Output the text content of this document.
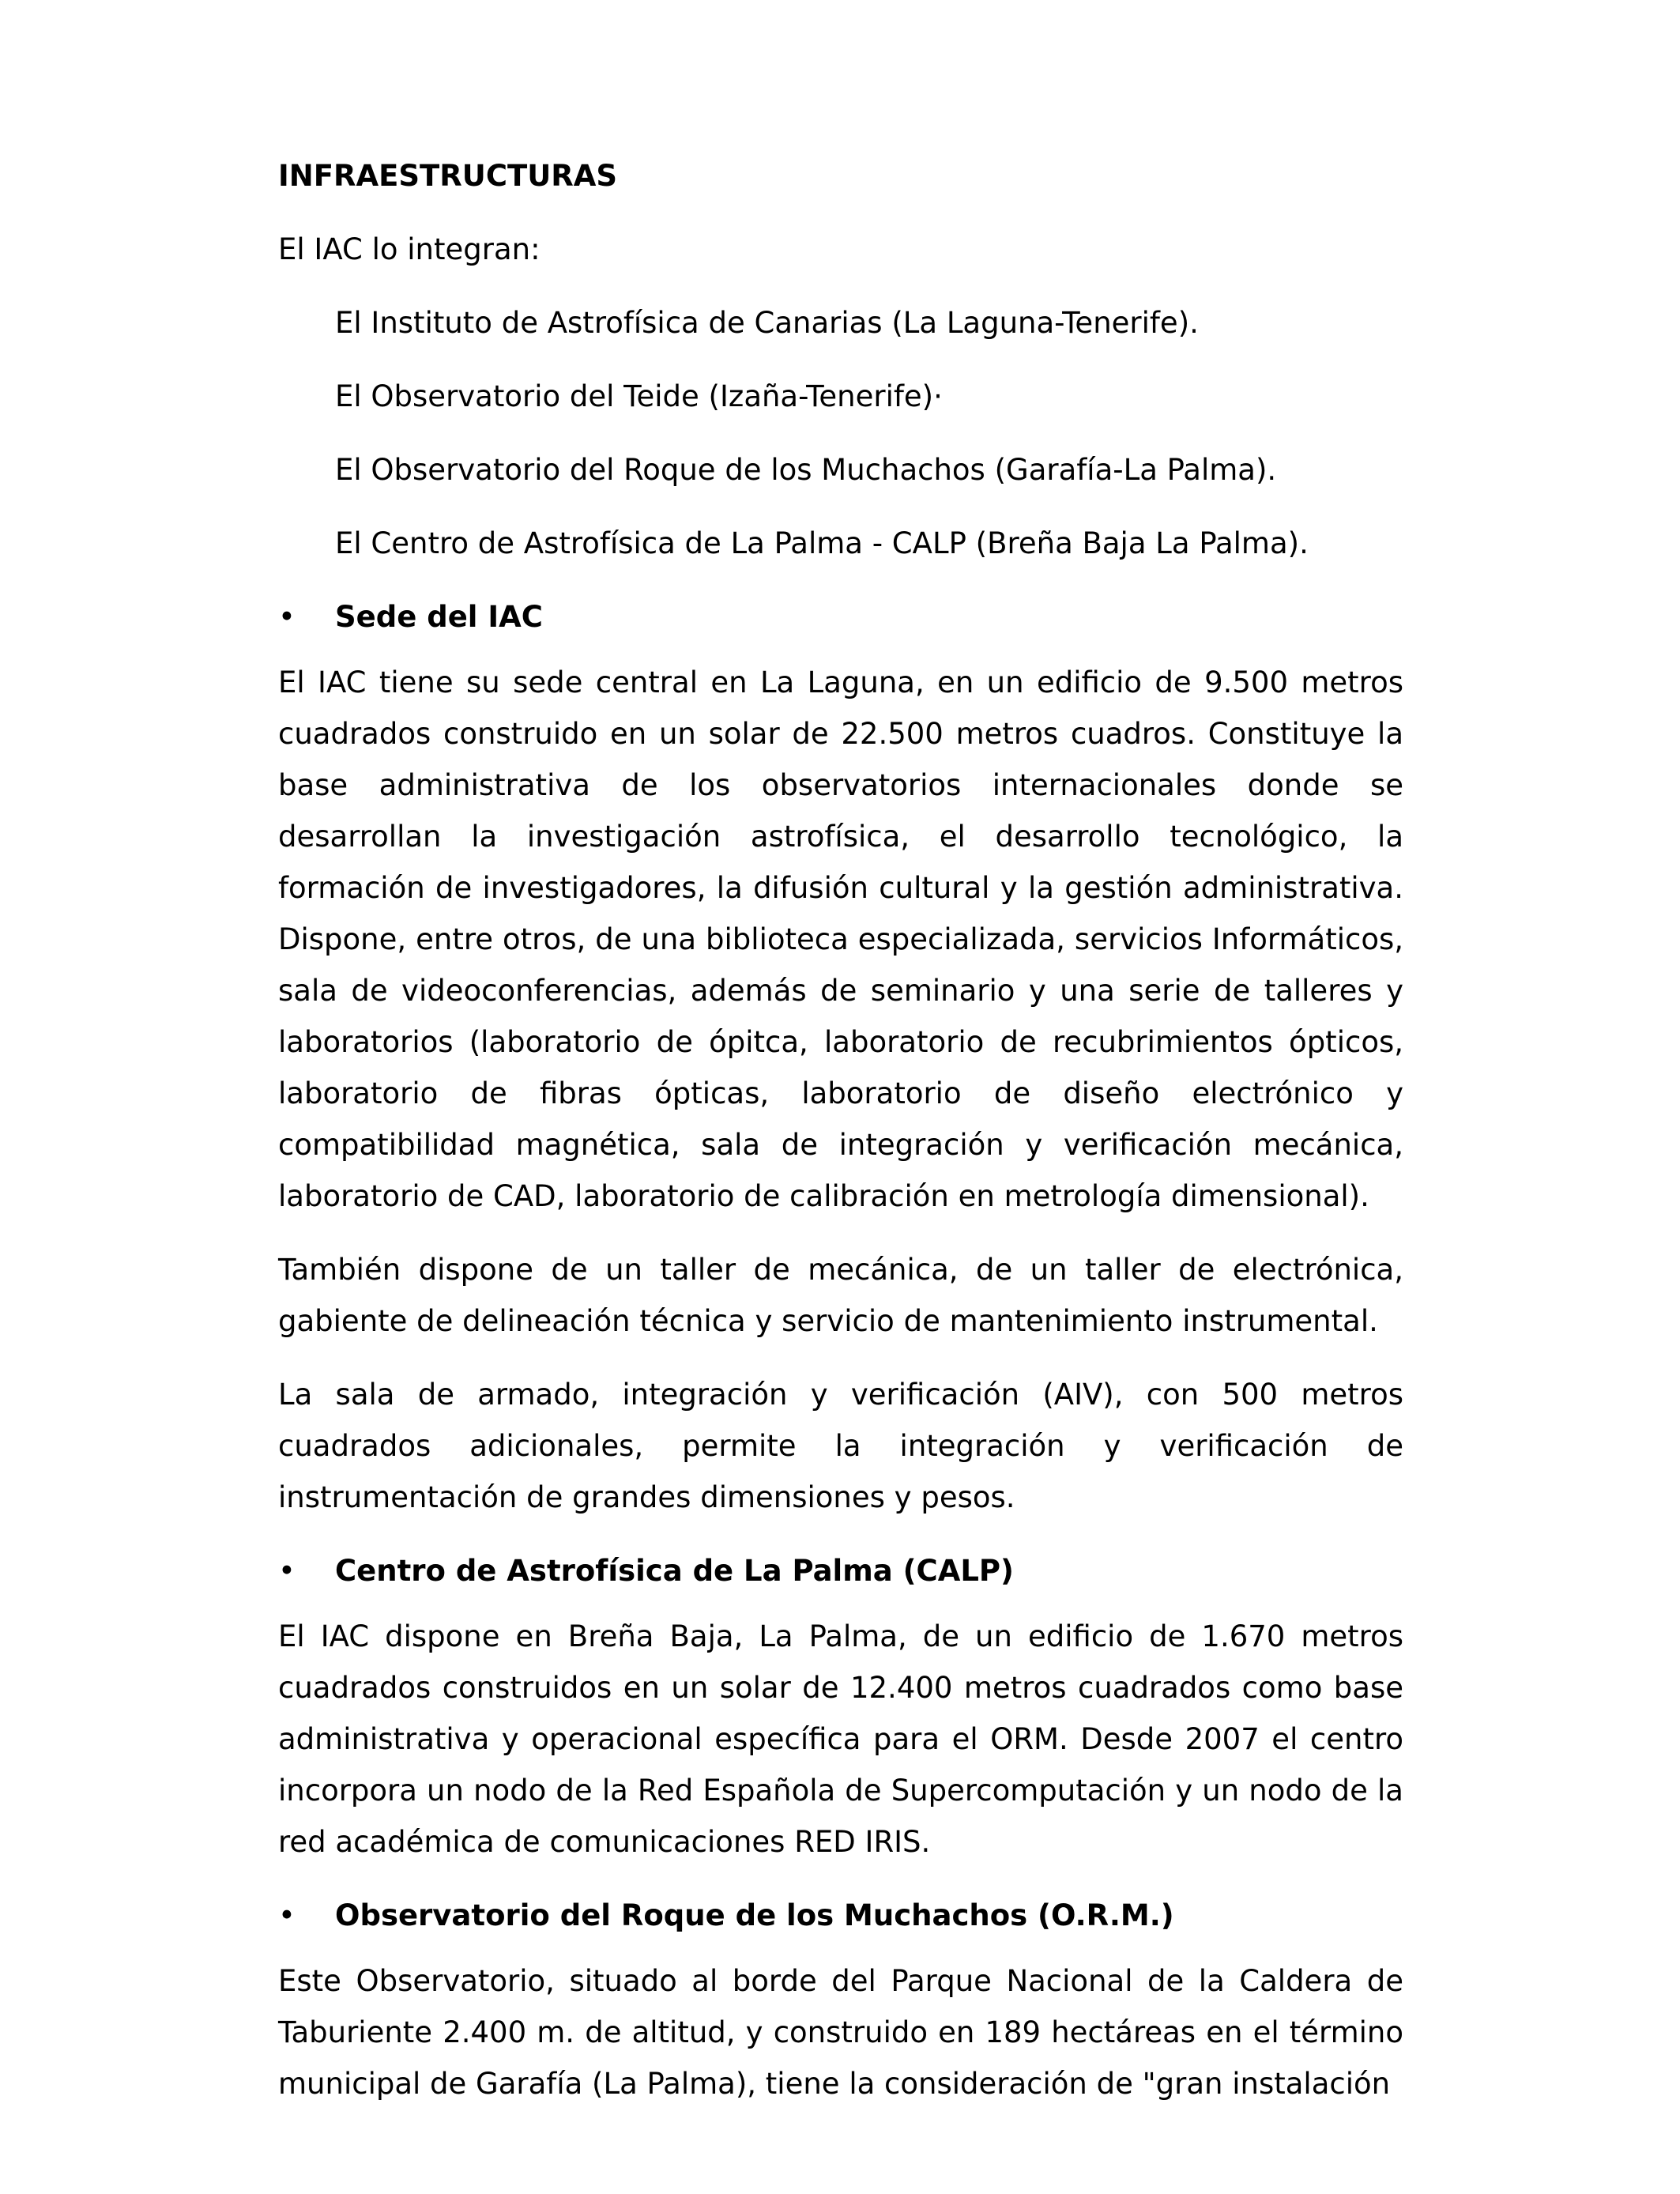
INFRAESTRUCTURAS
El IAC lo integran:
El Instituto de Astrofísica de Canarias (La Laguna-Tenerife).
El Observatorio del Teide (Izaña-Tenerife)·
El Observatorio del Roque de los Muchachos (Garafía-La Palma).
El Centro de Astrofísica de La Palma - CALP (Breña Baja La Palma).
• Sede del IAC

El IAC tiene su sede central en La Laguna, en un edificio de 9.500 metros cuadrados construido en un solar de 22.500 metros cuadros. Constituye la base administrativa de los observatorios internacionales donde se desarrollan la investigación astrofísica, el desarrollo tecnológico, la formación de investigadores, la difusión cultural y la gestión administrativa. Dispone, entre otros, de una biblioteca especializada, servicios Informáticos, sala de videoconferencias, además de seminario y una serie de talleres y laboratorios (laboratorio de ópitca, laboratorio de recubrimientos ópticos, laboratorio de fibras ópticas, laboratorio de diseño electrónico y compatibilidad magnética, sala de integración y verificación mecánica, laboratorio de CAD, laboratorio de calibración en metrología dimensional).

También dispone de un taller de mecánica, de un taller de electrónica, gabiente de delineación técnica y servicio de mantenimiento instrumental.

La sala de armado, integración y verificación (AIV), con 500 metros cuadrados adicionales, permite la integración y verificación de instrumentación de grandes dimensiones y pesos.

• Centro de Astrofísica de La Palma (CALP)

El IAC dispone en Breña Baja, La Palma, de un edificio de 1.670 metros cuadrados construidos en un solar de 12.400 metros cuadrados como base administrativa y operacional específica para el ORM. Desde 2007 el centro incorpora un nodo de la Red Española de Supercomputación y un nodo de la red académica de comunicaciones RED IRIS.

• Observatorio del Roque de los Muchachos (O.R.M.)

Este Observatorio, situado al borde del Parque Nacional de la Caldera de Taburiente 2.400 m. de altitud, y construido en 189 hectáreas en el término municipal de Garafía (La Palma), tiene la consideración de "gran instalación
